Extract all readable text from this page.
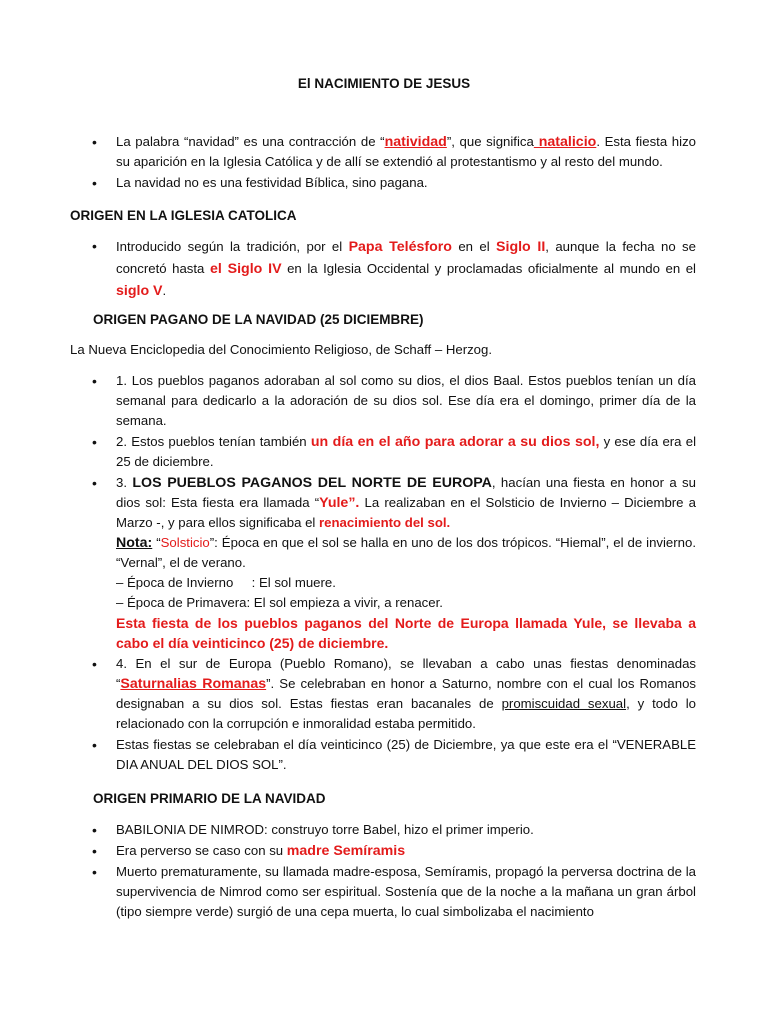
El NACIMIENTO DE JESUS
• La palabra “navidad” es una contracción de “natividad”, que significa natalicio. Esta fiesta hizo su aparición en la Iglesia Católica y de allí se extendió al protestantismo y al resto del mundo.
• La navidad no es una festividad Bíblica, sino pagana.
ORIGEN EN LA IGLESIA CATOLICA
• Introducido según la tradición, por el Papa Telésforo en el Siglo II, aunque la fecha no se concretó hasta el Siglo IV en la Iglesia Occidental y proclamadas oficialmente al mundo en el siglo V.
ORIGEN PAGANO DE LA NAVIDAD (25 DICIEMBRE)
La Nueva Enciclopedia del Conocimiento Religioso, de Schaff – Herzog.
• 1. Los pueblos paganos adoraban al sol como su dios, el dios Baal. Estos pueblos tenían un día semanal para dedicarlo a la adoración de su dios sol. Ese día era el domingo, primer día de la semana.
• 2. Estos pueblos tenían también un día en el año para adorar a su dios sol, y ese día era el 25 de diciembre.
• 3. LOS PUEBLOS PAGANOS DEL NORTE DE EUROPA, hacían una fiesta en honor a su dios sol: Esta fiesta era llamada “Yule”. La realizaban en el Solsticio de Invierno – Diciembre a Marzo -, y para ellos significaba el renacimiento del sol.
Nota: “Solsticio”: Época en que el sol se halla en uno de los dos trópicos. “Hiemal”, el de invierno. “Vernal”, el de verano.
– Época de Invierno     : El sol muere.
– Época de Primavera: El sol empieza a vivir, a renacer.
Esta fiesta de los pueblos paganos del Norte de Europa llamada Yule, se llevaba a cabo el día veinticinco (25) de diciembre.
• 4. En el sur de Europa (Pueblo Romano), se llevaban a cabo unas fiestas denominadas “Saturnalias Romanas”. Se celebraban en honor a Saturno, nombre con el cual los Romanos designaban a su dios sol. Estas fiestas eran bacanales de promiscuidad sexual, y todo lo relacionado con la corrupción e inmoralidad estaba permitido.
• Estas fiestas se celebraban el día veinticinco (25) de Diciembre, ya que este era el “VENERABLE DIA ANUAL DEL DIOS SOL”.
ORIGEN PRIMARIO DE LA NAVIDAD
• BABILONIA DE NIMROD: construyo torre Babel, hizo el primer imperio.
• Era perverso se caso con su madre Semíramis
• Muerto prematuramente, su llamada madre-esposa, Semíramis, propagó la perversa doctrina de la supervivencia de Nimrod como ser espiritual. Sostenía que de la noche a la mañana un gran árbol (tipo siempre verde) surgió de una cepa muerta, lo cual simbolizaba el nacimiento
